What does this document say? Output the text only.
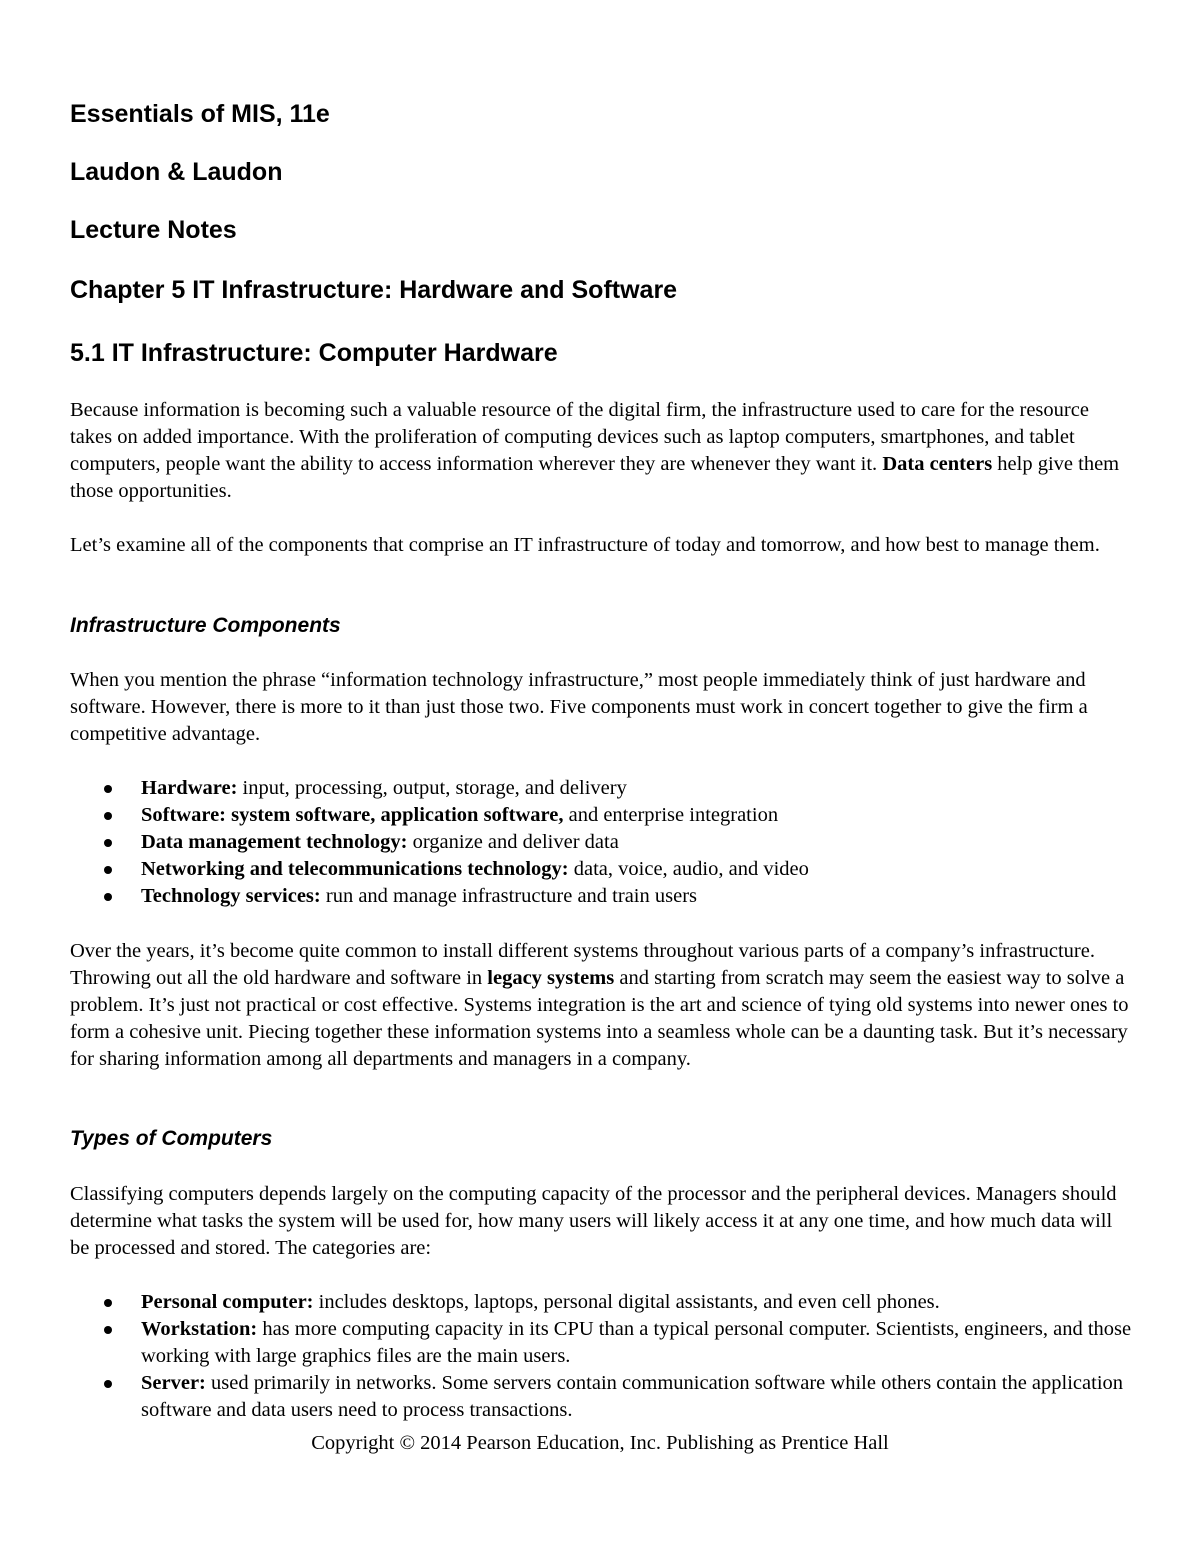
Essentials of MIS, 11e
Laudon & Laudon
Lecture Notes
Chapter 5 IT Infrastructure: Hardware and Software
5.1 IT Infrastructure: Computer Hardware

Because information is becoming such a valuable resource of the digital firm, the infrastructure used to care for the resource takes on added importance. With the proliferation of computing devices such as laptop computers, smartphones, and tablet computers, people want the ability to access information wherever they are whenever they want it. Data centers help give them those opportunities.

Let’s examine all of the components that comprise an IT infrastructure of today and tomorrow, and how best to manage them.

Infrastructure Components

When you mention the phrase “information technology infrastructure,” most people immediately think of just hardware and software. However, there is more to it than just those two. Five components must work in concert together to give the firm a competitive advantage.

Hardware: input, processing, output, storage, and delivery
Software: system software, application software, and enterprise integration
Data management technology: organize and deliver data
Networking and telecommunications technology: data, voice, audio, and video
Technology services: run and manage infrastructure and train users

Over the years, it’s become quite common to install different systems throughout various parts of a company’s infrastructure. Throwing out all the old hardware and software in legacy systems and starting from scratch may seem the easiest way to solve a problem. It’s just not practical or cost effective. Systems integration is the art and science of tying old systems into newer ones to form a cohesive unit. Piecing together these information systems into a seamless whole can be a daunting task. But it’s necessary for sharing information among all departments and managers in a company.

Types of Computers

Classifying computers depends largely on the computing capacity of the processor and the peripheral devices. Managers should determine what tasks the system will be used for, how many users will likely access it at any one time, and how much data will be processed and stored. The categories are:

Personal computer: includes desktops, laptops, personal digital assistants, and even cell phones.
Workstation: has more computing capacity in its CPU than a typical personal computer. Scientists, engineers, and those working with large graphics files are the main users.
Server: used primarily in networks. Some servers contain communication software while others contain the application software and data users need to process transactions.
Copyright © 2014 Pearson Education, Inc. Publishing as Prentice Hall
